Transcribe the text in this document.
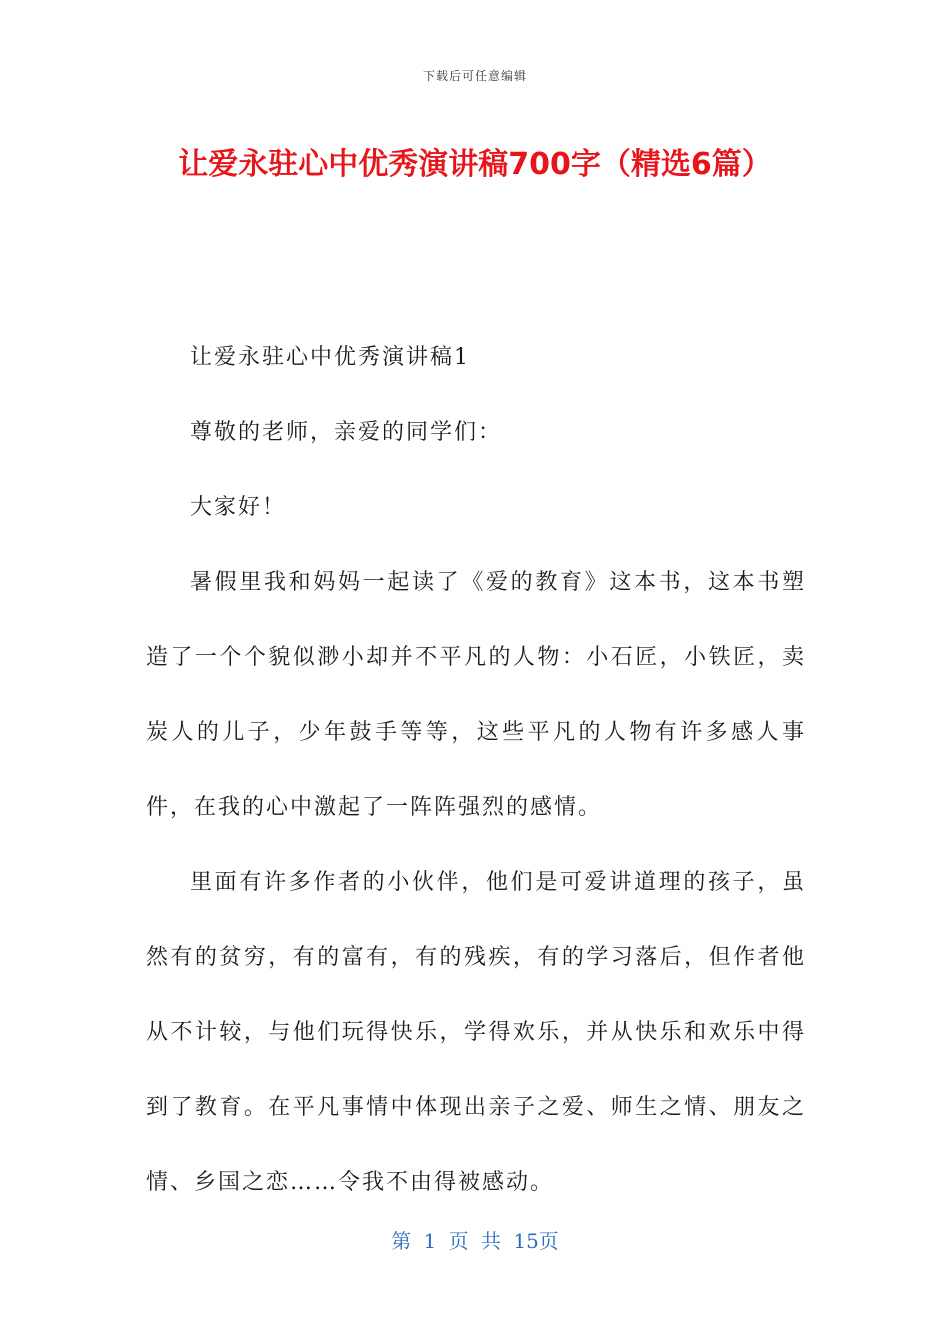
下载后可任意编辑
让爱永驻心中优秀演讲稿700字（精选6篇）

让爱永驻心中优秀演讲稿1

尊敬的老师，亲爱的同学们：

大家好！

暑假里我和妈妈一起读了《爱的教育》这本书，这本书塑造了一个个貌似渺小却并不平凡的人物：小石匠，小铁匠，卖炭人的儿子，少年鼓手等等，这些平凡的人物有许多感人事件，在我的心中激起了一阵阵强烈的感情。

里面有许多作者的小伙伴，他们是可爱讲道理的孩子，虽然有的贫穷，有的富有，有的残疾，有的学习落后，但作者他从不计较，与他们玩得快乐，学得欢乐，并从快乐和欢乐中得到了教育。在平凡事情中体现出亲子之爱、师生之情、朋友之情、乡国之恋……令我不由得被感动。

第 1 页 共 15页
